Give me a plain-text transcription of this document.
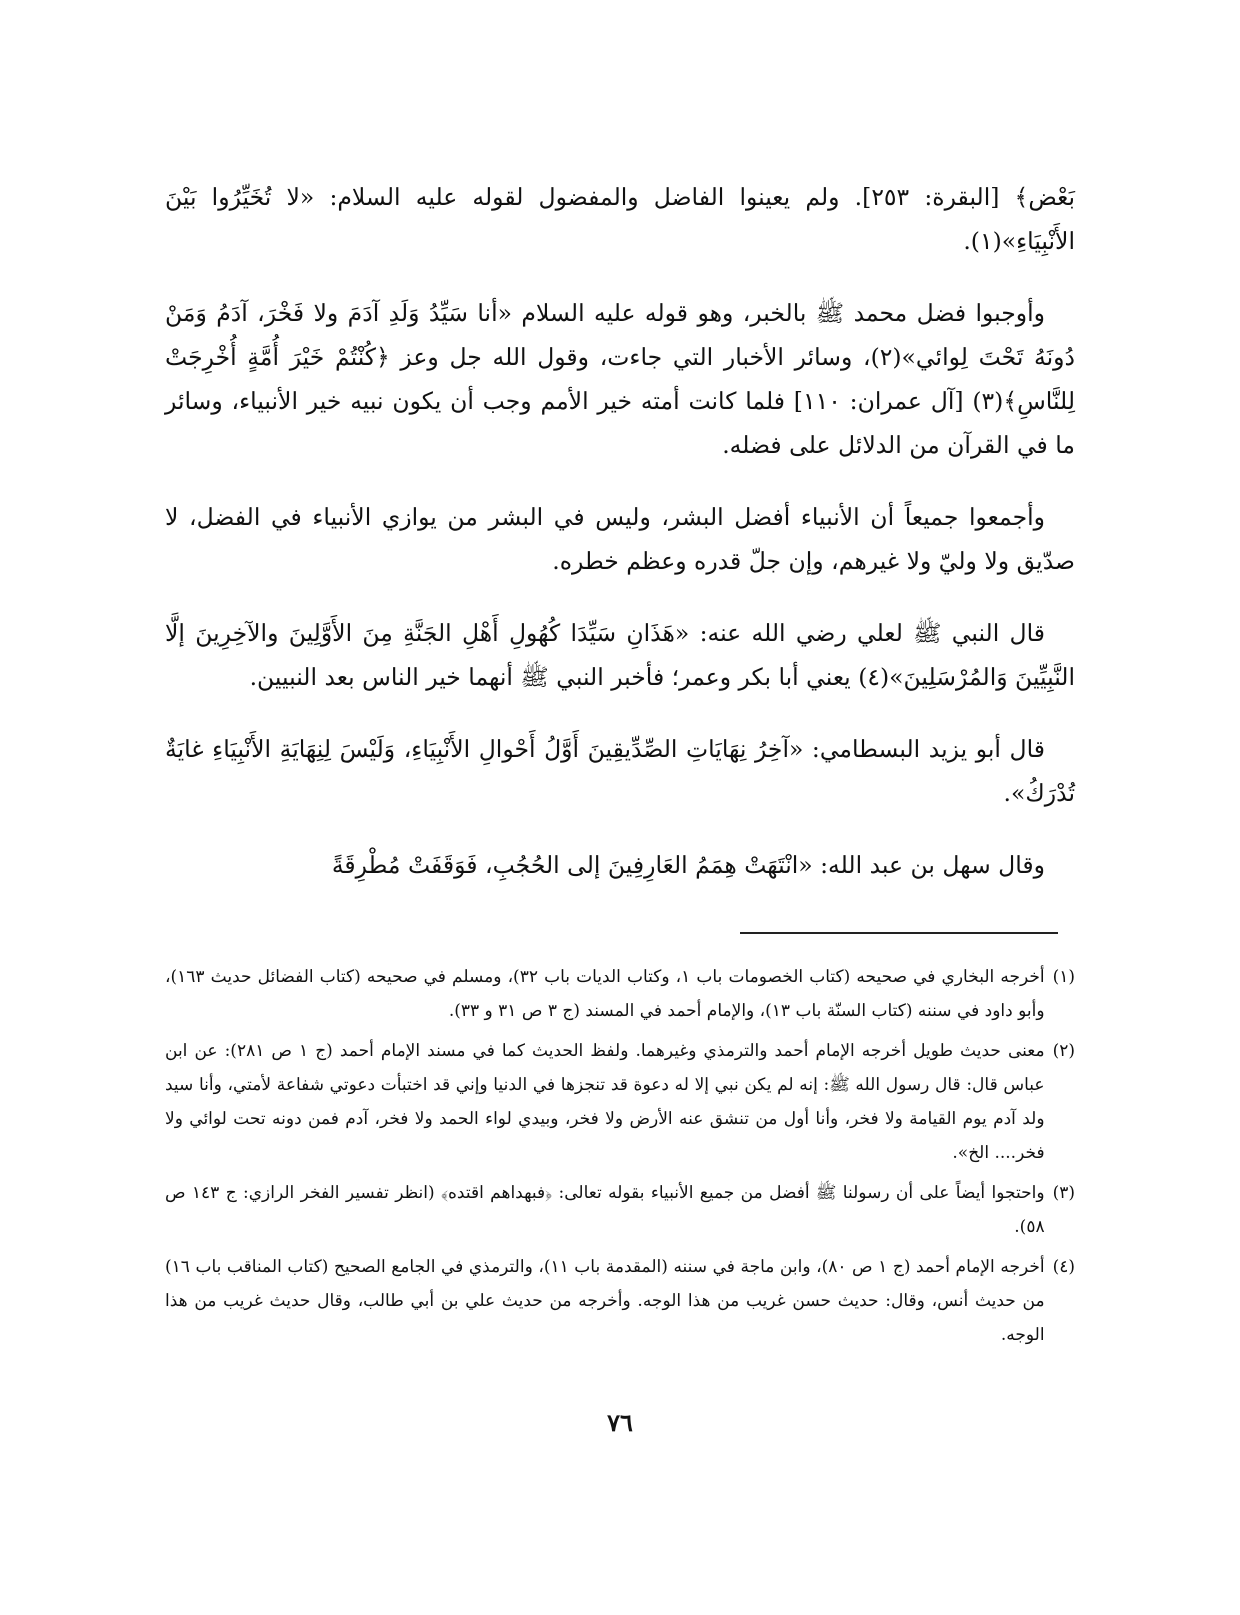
بَعْض﴾ [البقرة: ٢٥٣]. ولم يعينوا الفاضل والمفضول لقوله عليه السلام: «لا تُخَيِّرُوا بَيْنَ الأَنْبِيَاءِ»(١).

وأوجبوا فضل محمد ﷺ بالخبر، وهو قوله عليه السلام «أنا سَيِّدُ وَلَدِ آدَمَ ولا فَخْرَ، آدَمُ وَمَنْ دُونَهُ تَحْتَ لِوائي»(٢)، وسائر الأخبار التي جاءت، وقول الله جل وعز ﴿كُنْتُمْ خَيْرَ أُمَّةٍ أُخْرِجَتْ لِلنَّاسِ﴾(٣) [آل عمران: ١١٠] فلما كانت أمته خير الأمم وجب أن يكون نبيه خير الأنبياء، وسائر ما في القرآن من الدلائل على فضله.

وأجمعوا جميعاً أن الأنبياء أفضل البشر، وليس في البشر من يوازي الأنبياء في الفضل، لا صدّيق ولا وليّ ولا غيرهم، وإن جلّ قدره وعظم خطره.

قال النبي ﷺ لعلي رضي الله عنه: «هَذَانِ سَيِّدَا كُهُولِ أَهْلِ الجَنَّةِ مِنَ الأَوَّلِينَ والآخِرِينَ إلَّا النَّبِيِّينَ وَالمُرْسَلِينَ»(٤) يعني أبا بكر وعمر؛ فأخبر النبي ﷺ أنهما خير الناس بعد النبيين.

قال أبو يزيد البسطامي: «آخِرُ نِهَايَاتِ الصِّدِّيقِينَ أَوَّلُ أَحْوالِ الأَنْبِيَاءِ، وَلَيْسَ لِنِهَايَةِ الأَنْبِيَاءِ غايَةٌ تُدْرَكُ».

وقال سهل بن عبد الله: «انْتَهَتْ هِمَمُ العَارِفِينَ إلى الحُجُبِ، فَوَقَفَتْ مُطْرِقَةً

(١)
أخرجه البخاري في صحيحه (كتاب الخصومات باب ١، وكتاب الديات باب ٣٢)، ومسلم في صحيحه (كتاب الفضائل حديث ١٦٣)، وأبو داود في سننه (كتاب السنّة باب ١٣)، والإمام أحمد في المسند (ج ٣ ص ٣١ و ٣٣).
(٢)
معنى حديث طويل أخرجه الإمام أحمد والترمذي وغيرهما. ولفظ الحديث كما في مسند الإمام أحمد (ج ١ ص ٢٨١): عن ابن عباس قال: قال رسول الله ﷺ: إنه لم يكن نبي إلا له دعوة قد تنجزها في الدنيا وإني قد اختبأت دعوتي شفاعة لأمتي، وأنا سيد ولد آدم يوم القيامة ولا فخر، وأنا أول من تنشق عنه الأرض ولا فخر، وبيدي لواء الحمد ولا فخر، آدم فمن دونه تحت لوائي ولا فخر.... الخ».
(٣)
واحتجوا أيضاً على أن رسولنا ﷺ أفضل من جميع الأنبياء بقوله تعالى: ﴿فبهداهم اقتده﴾ (انظر تفسير الفخر الرازي: ج ١٤٣ ص ٥٨).
(٤)
أخرجه الإمام أحمد (ج ١ ص ٨٠)، وابن ماجة في سننه (المقدمة باب ١١)، والترمذي في الجامع الصحيح (كتاب المناقب باب ١٦) من حديث أنس، وقال: حديث حسن غريب من هذا الوجه. وأخرجه من حديث علي بن أبي طالب، وقال حديث غريب من هذا الوجه.
٧٦
